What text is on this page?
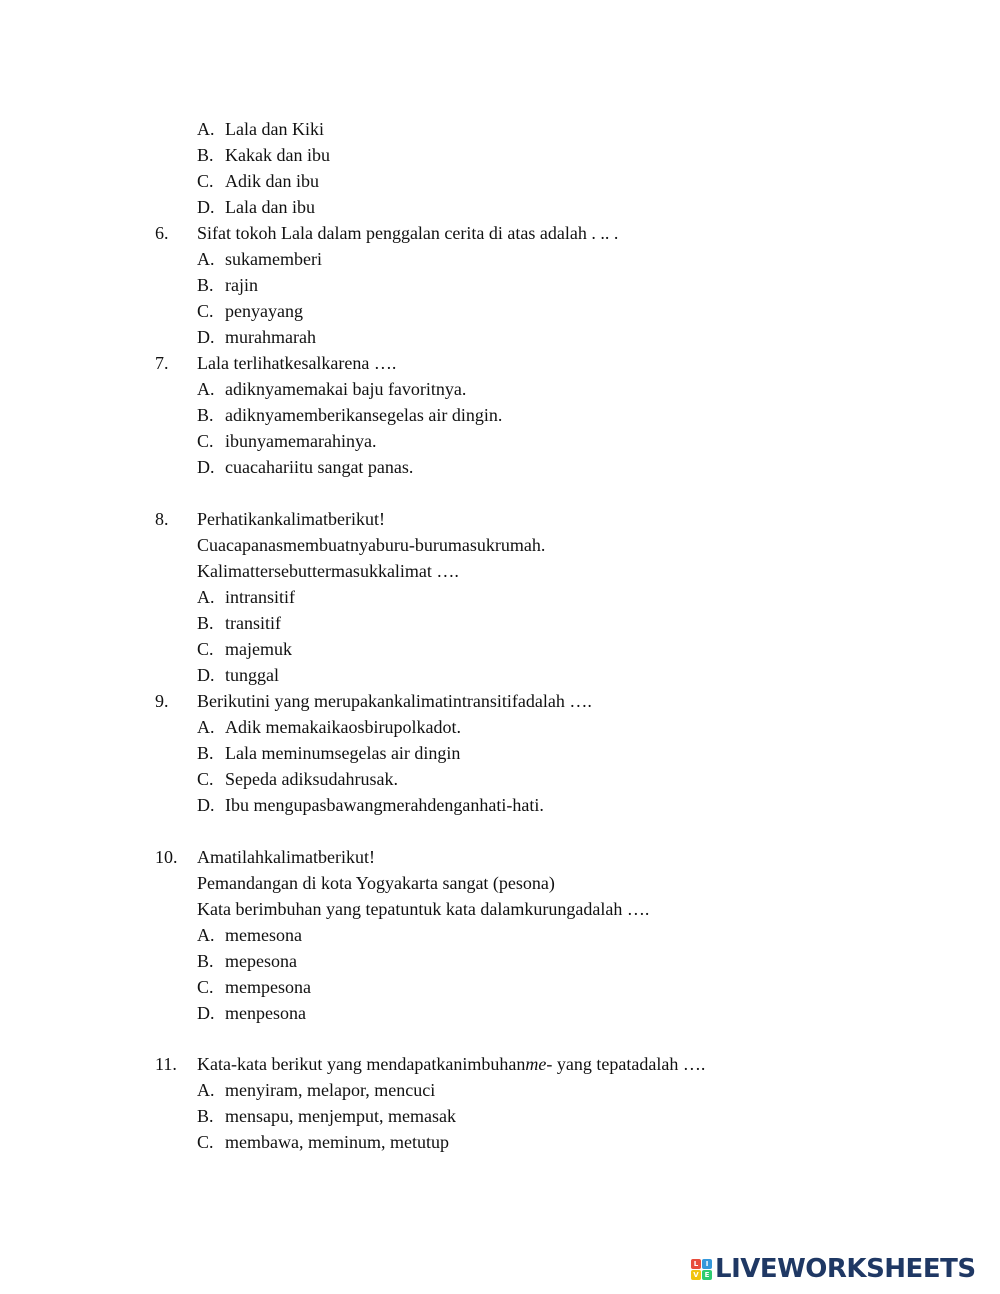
A. Lala dan Kiki
B. Kakak dan ibu
C. Adik dan ibu
D. Lala dan ibu
6. Sifat tokoh Lala dalam penggalan cerita di atas adalah . .. .
A. sukamemberi
B. rajin
C. penyayang
D. murahmarah
7. Lala terlihatkesalkarena ….
A. adiknyamemakai baju favoritnya.
B. adiknyamemberikansegelas air dingin.
C. ibunyamemarahinya.
D. cuacahariitu sangat panas.
8. Perhatikankalimatberikut!
Cuacapanasmembuatnyaburu-burumasukrumah.
Kalimattersebuttermasukkalimat ….
A. intransitif
B. transitif
C. majemuk
D. tunggal
9. Berikutini yang merupakankalimatintransitifadalah ….
A. Adik memakaikaosbirupolkadot.
B. Lala meminumsegelas air dingin
C. Sepeda adiksudahrusak.
D. Ibu mengupasbawangmerahdenganhati-hati.
10. Amatilahkalimatberikut!
Pemandangan di kota Yogyakarta sangat (pesona)
Kata berimbuhan yang tepatuntuk kata dalamkurungadalah ….
A. memesona
B. mepesona
C. mempesona
D. menpesona
11. Kata-kata berikut yang mendapatkanimbuhanme- yang tepatadalah ….
A. menyiram, melapor, mencuci
B. mensapu, menjemput, memasak
C. membawa, meminum, metutup
L	I
V E LIVEWORKSHEETS
